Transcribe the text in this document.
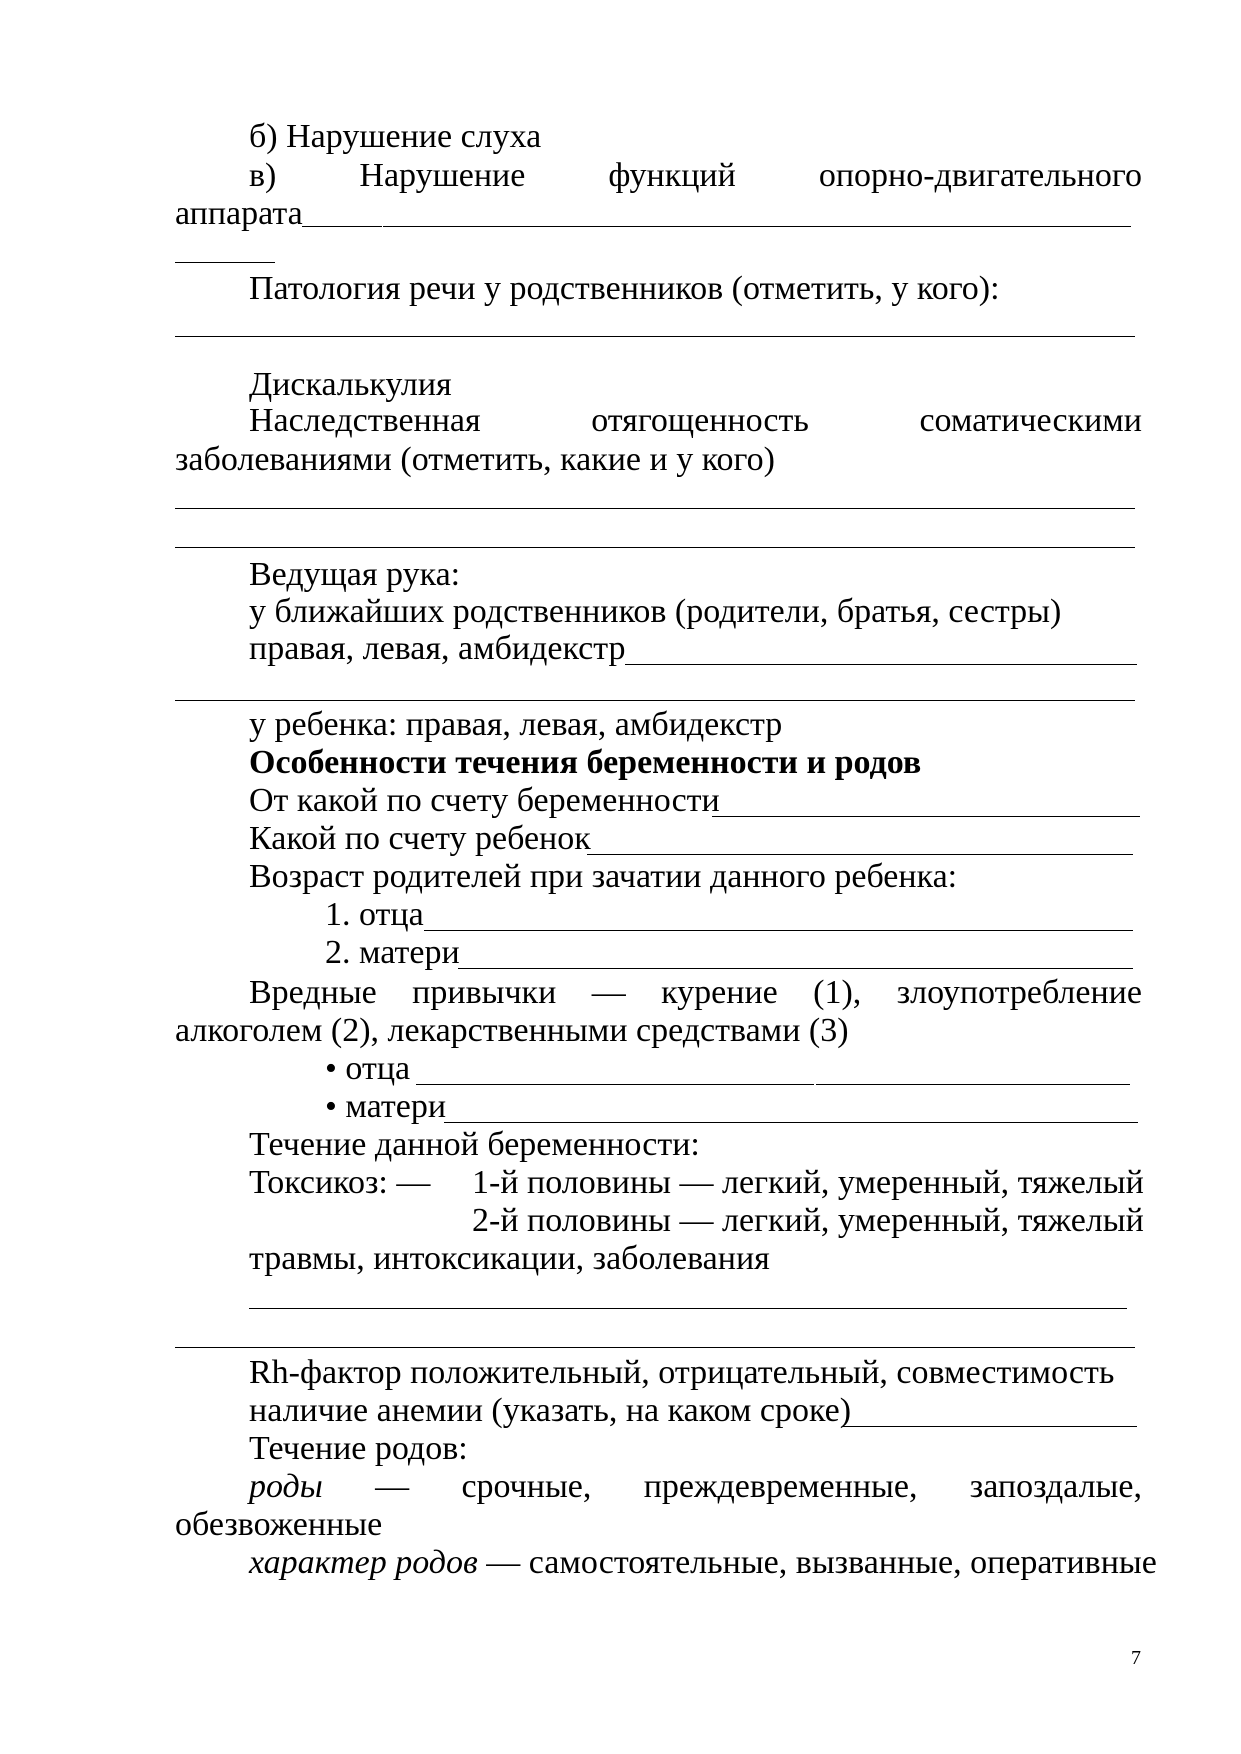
б) Нарушение слуха
в) Нарушение функций опорно-двигательного
аппарата
Патология речи у родственников (отметить, у кого):
Дискалькулия
Наследственная	отягощенность	соматическими
заболеваниями (отметить, какие и у кого)
Ведущая рука:
у ближайших родственников (родители, братья, сестры)
правая, левая, амбидекстр
у ребенка: правая, левая, амбидекстр
Особенности течения беременности и родов
От какой по счету беременности
Какой по счету ребенок
Возраст родителей при зачатии данного ребенка:
1. отца
2. матери
Вредные привычки — курение (1), злоупотребление
алкоголем (2), лекарственными средствами (3)
• отца
• матери
Течение данной беременности:
Токсикоз: — 1-й половины — легкий, умеренный, тяжелый
2-й половины — легкий, умеренный, тяжелый
травмы, интоксикации, заболевания
Rh-фактор положительный, отрицательный, совместимость
наличие анемии (указать, на каком сроке)
Течение родов:
роды — срочные, преждевременные, запоздалые,
обезвоженные
характер родов — самостоятельные, вызванные, оперативные
7
